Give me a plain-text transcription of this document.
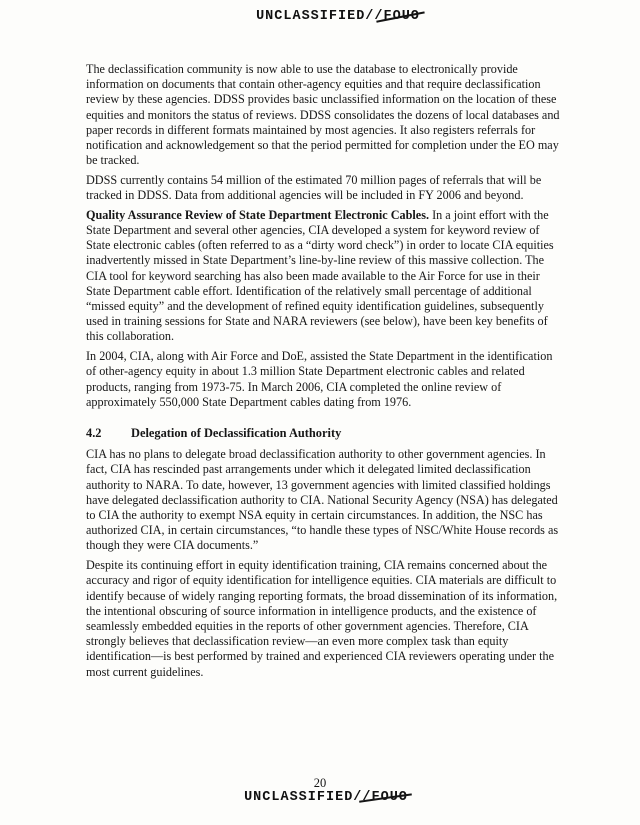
UNCLASSIFIED//FOUO

The declassification community is now able to use the database to electronically provide information on documents that contain other-agency equities and that require declassification review by these agencies. DDSS provides basic unclassified information on the location of these equities and monitors the status of reviews. DDSS consolidates the dozens of local databases and paper records in different formats maintained by most agencies. It also registers referrals for notification and acknowledgement so that the period permitted for completion under the EO may be tracked.

DDSS currently contains 54 million of the estimated 70 million pages of referrals that will be tracked in DDSS. Data from additional agencies will be included in FY 2006 and beyond.

Quality Assurance Review of State Department Electronic Cables. In a joint effort with the State Department and several other agencies, CIA developed a system for keyword review of State electronic cables (often referred to as a “dirty word check”) in order to locate CIA equities inadvertently missed in State Department’s line-by-line review of this massive collection. The CIA tool for keyword searching has also been made available to the Air Force for use in their State Department cable effort. Identification of the relatively small percentage of additional “missed equity” and the development of refined equity identification guidelines, subsequently used in training sessions for State and NARA reviewers (see below), have been key benefits of this collaboration.

In 2004, CIA, along with Air Force and DoE, assisted the State Department in the identification of other-agency equity in about 1.3 million State Department electronic cables and related products, ranging from 1973-75. In March 2006, CIA completed the online review of approximately 550,000 State Department cables dating from 1976.

4.2 Delegation of Declassification Authority

CIA has no plans to delegate broad declassification authority to other government agencies. In fact, CIA has rescinded past arrangements under which it delegated limited declassification authority to NARA. To date, however, 13 government agencies with limited classified holdings have delegated declassification authority to CIA. National Security Agency (NSA) has delegated to CIA the authority to exempt NSA equity in certain circumstances. In addition, the NSC has authorized CIA, in certain circumstances, “to handle these types of NSC/White House records as though they were CIA documents.”

Despite its continuing effort in equity identification training, CIA remains concerned about the accuracy and rigor of equity identification for intelligence equities. CIA materials are difficult to identify because of widely ranging reporting formats, the broad dissemination of its information, the intentional obscuring of source information in intelligence products, and the existence of seamlessly embedded equities in the reports of other government agencies. Therefore, CIA strongly believes that declassification review—an even more complex task than equity identification—is best performed by trained and experienced CIA reviewers operating under the most current guidelines.

20
UNCLASSIFIED//FOUO
